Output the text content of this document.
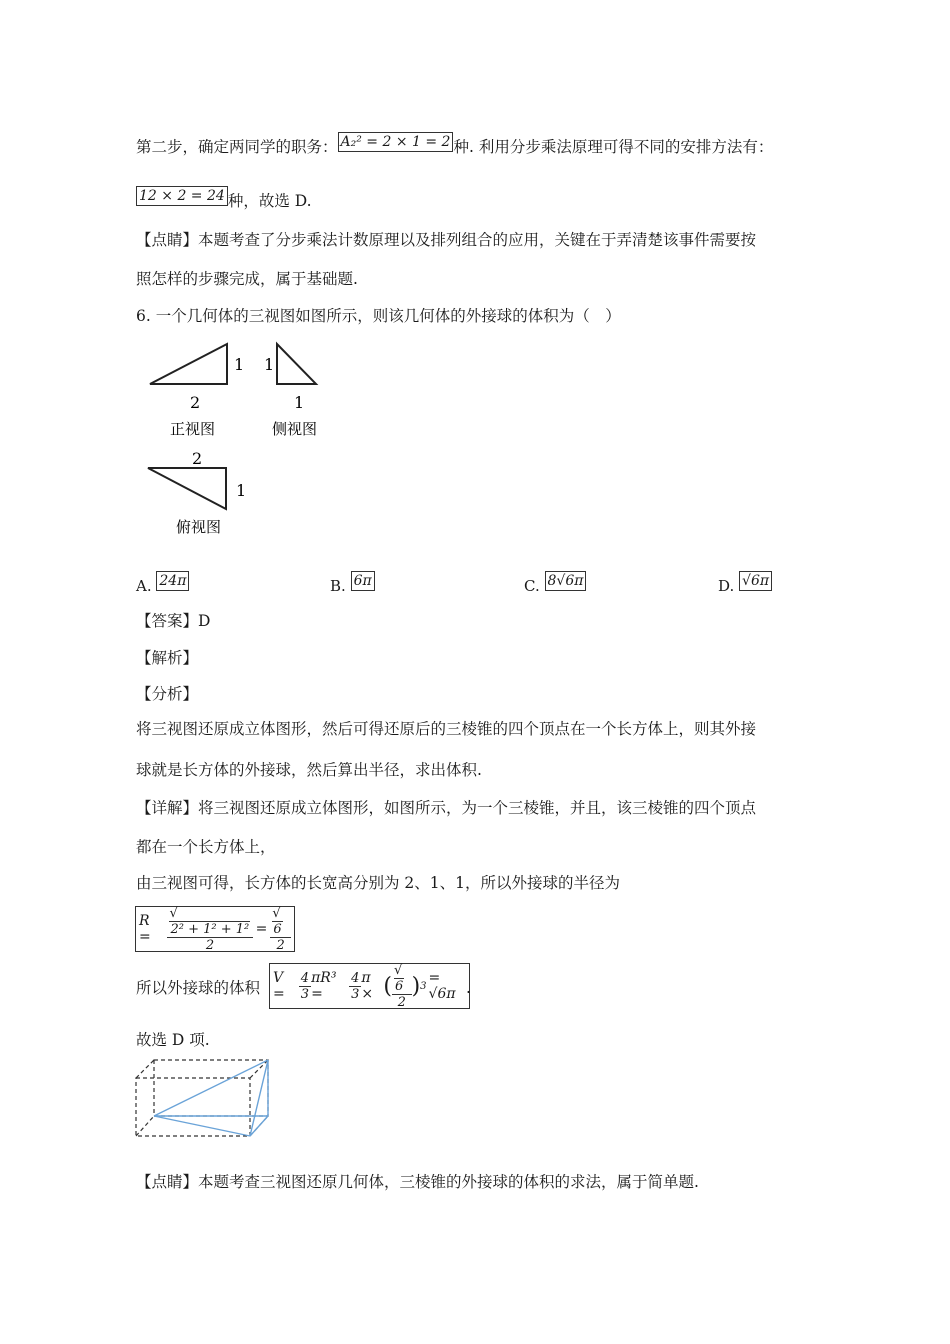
第二步，确定两同学的职务： A₂² = 2 × 1 = 2 种. 利用分步乘法原理可得不同的安排方法有：
12 × 2 = 24 种，故选 D.
【点睛】本题考查了分步乘法计数原理以及排列组合的应用，关键在于弄清楚该事件需要按
照怎样的步骤完成，属于基础题.
6. 一个几何体的三视图如图所示，则该几何体的外接球的体积为（　）
1
2
正视图
1
1
侧视图
2
1
俯视图
A. 24π	B. 6π	C. 8√6π	D. √6π
【答案】D
【解析】
【分析】
将三视图还原成立体图形，然后可得还原后的三棱锥的四个顶点在一个长方体上，则其外接
球就是长方体的外接球，然后算出半径，求出体积.
【详解】将三视图还原成立体图形，如图所示，为一个三棱锥，并且，该三棱锥的四个顶点
都在一个长方体上，
由三视图可得，长方体的长宽高分别为 2、1、1，所以外接球的半径为
R =	$\frac{\text{√2² + 1² + 1²}}{2} = \frac{√6}{2}$
所以外接球的体积
V =	$\frac{4}{3} \pi R^3$ =	$\frac{4}{3}$ π × ( $\frac{√6}{2}$ ) 3 = √6π .
故选 D 项.
【点睛】本题考查三视图还原几何体，三棱锥的外接球的体积的求法，属于简单题.
